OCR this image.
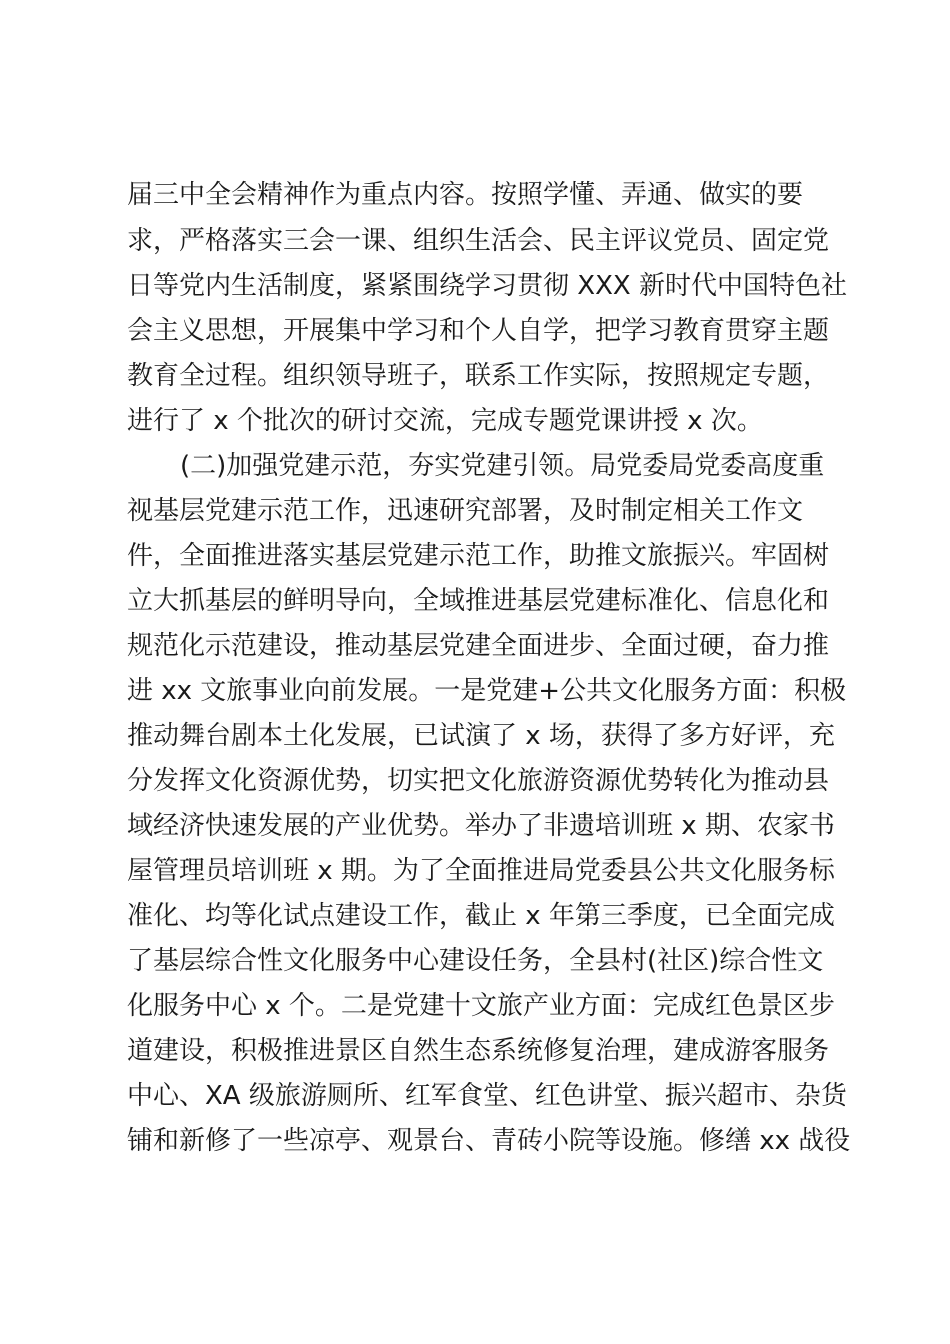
届三中全会精神作为重点内容。按照学懂、弄通、做实的要
求，严格落实三会一课、组织生活会、民主评议党员、固定党
日等党内生活制度，紧紧围绕学习贯彻 XXX 新时代中国特色社
会主义思想，开展集中学习和个人自学，把学习教育贯穿主题
教育全过程。组织领导班子，联系工作实际，按照规定专题，
进行了 x 个批次的研讨交流，完成专题党课讲授 x 次。
(二)加强党建示范，夯实党建引领。局党委局党委高度重
视基层党建示范工作，迅速研究部署，及时制定相关工作文
件，全面推进落实基层党建示范工作，助推文旅振兴。牢固树
立大抓基层的鲜明导向，全域推进基层党建标准化、信息化和
规范化示范建设，推动基层党建全面进步、全面过硬，奋力推
进 xx 文旅事业向前发展。一是党建+公共文化服务方面：积极
推动舞台剧本土化发展，已试演了 x 场，获得了多方好评，充
分发挥文化资源优势，切实把文化旅游资源优势转化为推动县
域经济快速发展的产业优势。举办了非遗培训班 x 期、农家书
屋管理员培训班 x 期。为了全面推进局党委县公共文化服务标
准化、均等化试点建设工作，截止 x 年第三季度，已全面完成
了基层综合性文化服务中心建设任务，全县村(社区)综合性文
化服务中心 x 个。二是党建十文旅产业方面：完成红色景区步
道建设，积极推进景区自然生态系统修复治理，建成游客服务
中心、XA 级旅游厕所、红军食堂、红色讲堂、振兴超市、杂货
铺和新修了一些凉亭、观景台、青砖小院等设施。修缮 xx 战役
